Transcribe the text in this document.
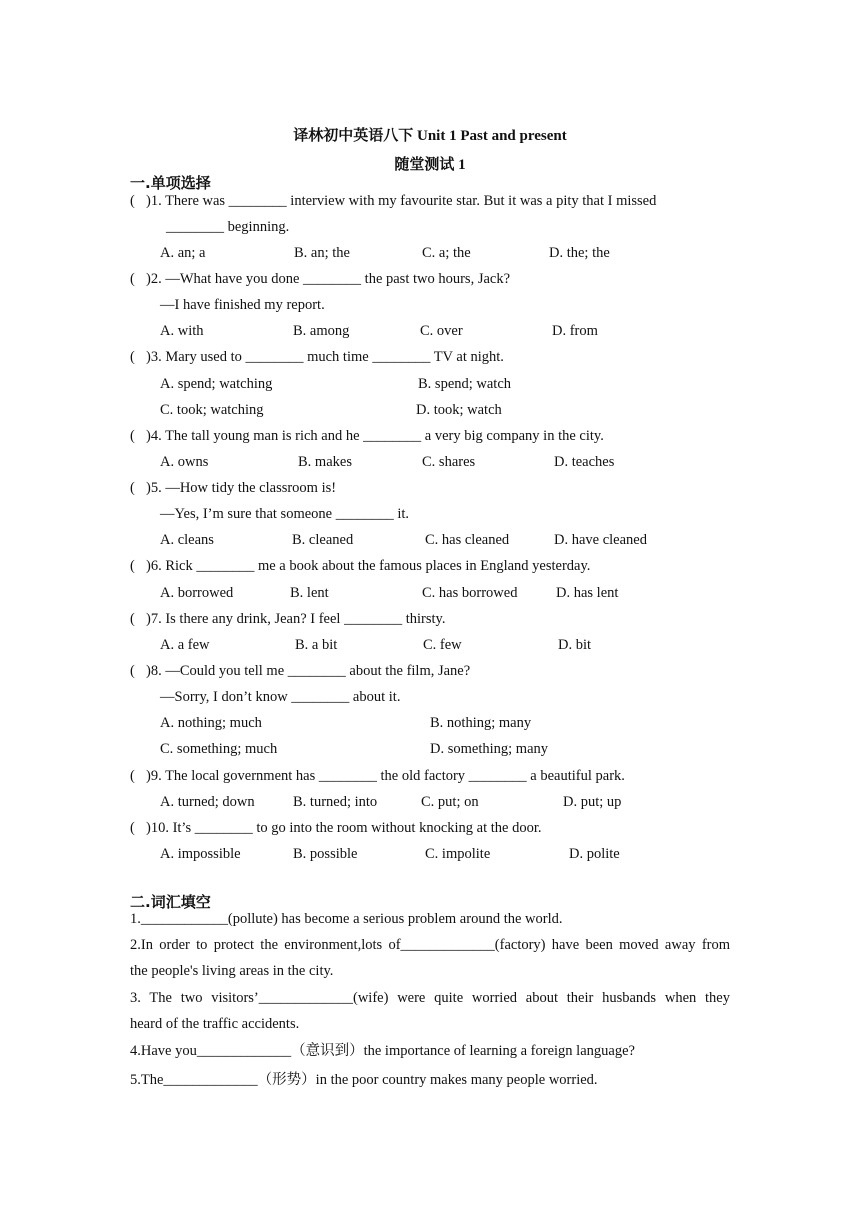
译林初中英语八下 Unit 1 Past and present
随堂测试 1
一.单项选择
( )1. There was ________ interview with my favourite star. But it was a pity that I missed
________ beginning.
A. an; a	B. an; the	C. a; the	D. the; the
( )2. —What have you done ________ the past two hours, Jack?
—I have finished my report.
A. with	B. among	C. over	D. from
( )3. Mary used to ________ much time ________ TV at night.
A. spend; watching	B. spend; watch
C. took; watching	D. took; watch
( )4. The tall young man is rich and he ________ a very big company in the city.
A. owns	B. makes	C. shares	D. teaches
( )5. —How tidy the classroom is!
—Yes, I’m sure that someone ________ it.
A. cleans	B. cleaned	C. has cleaned	D. have cleaned
( )6. Rick ________ me a book about the famous places in England yesterday.
A. borrowed	B. lent	C. has borrowed	D. has lent
( )7. Is there any drink, Jean? I feel ________ thirsty.
A. a few	B. a bit	C. few	D. bit
( )8. —Could you tell me ________ about the film, Jane?
—Sorry, I don’t know ________ about it.
A. nothing; much	B. nothing; many
C. something; much	D. something; many
( )9. The local government has ________ the old factory ________ a beautiful park.
A. turned; down	B. turned; into	C. put; on	D. put; up
( )10. It’s ________ to go into the room without knocking at the door.
A. impossible	B. possible	C. impolite	D. polite
二.词汇填空
1.____________(pollute) has become a serious problem around the world.
2.In order to protect the environment,lots of_____________(factory) have been moved away from
the people's living areas in the city.
3. The two visitors’_____________(wife) were quite worried about their husbands when they
heard of the traffic accidents.
4.Have you_____________（意识到）the importance of learning a foreign language?
5.The_____________（形势）in the poor country makes many people worried.
